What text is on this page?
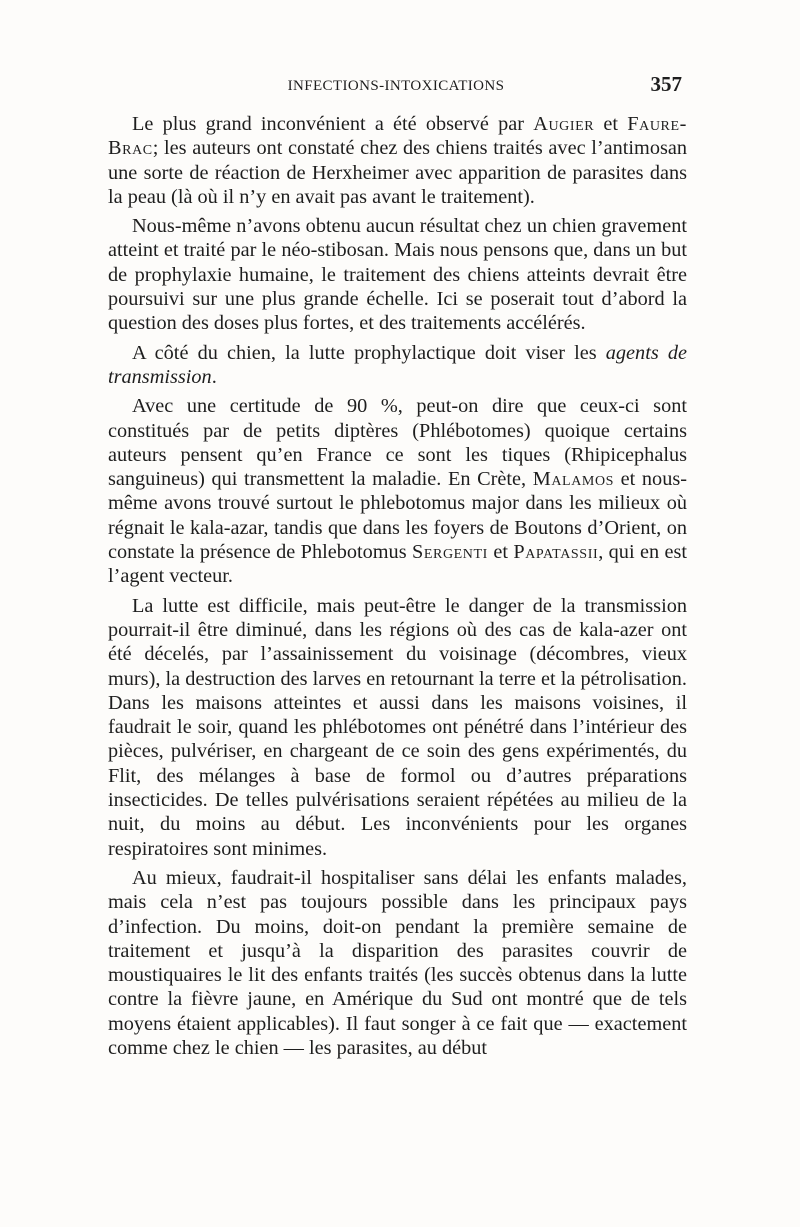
INFECTIONS-INTOXICATIONS	357

Le plus grand inconvénient a été observé par Augier et Faure-Brac; les auteurs ont constaté chez des chiens traités avec l’antimosan une sorte de réaction de Herxheimer avec apparition de parasites dans la peau (là où il n’y en avait pas avant le traitement).

Nous-même n’avons obtenu aucun résultat chez un chien gravement atteint et traité par le néo-stibosan. Mais nous pensons que, dans un but de prophylaxie humaine, le traitement des chiens atteints devrait être poursuivi sur une plus grande échelle. Ici se poserait tout d’abord la question des doses plus fortes, et des traitements accélérés.

A côté du chien, la lutte prophylactique doit viser les agents de transmission.

Avec une certitude de 90 %, peut-on dire que ceux-ci sont constitués par de petits diptères (Phlébotomes) quoique certains auteurs pensent qu’en France ce sont les tiques (Rhipicephalus sanguineus) qui transmettent la maladie. En Crète, Malamos et nous-même avons trouvé surtout le phlebotomus major dans les milieux où régnait le kala-azar, tandis que dans les foyers de Boutons d’Orient, on constate la présence de Phlebotomus Sergenti et Papatassii, qui en est l’agent vecteur.

La lutte est difficile, mais peut-être le danger de la transmission pourrait-il être diminué, dans les régions où des cas de kala-azer ont été décelés, par l’assainissement du voisinage (décombres, vieux murs), la destruction des larves en retournant la terre et la pétrolisation. Dans les maisons atteintes et aussi dans les maisons voisines, il faudrait le soir, quand les phlébotomes ont pénétré dans l’intérieur des pièces, pulvériser, en chargeant de ce soin des gens expérimentés, du Flit, des mélanges à base de formol ou d’autres préparations insecticides. De telles pulvérisations seraient répétées au milieu de la nuit, du moins au début. Les inconvénients pour les organes respiratoires sont minimes.

Au mieux, faudrait-il hospitaliser sans délai les enfants malades, mais cela n’est pas toujours possible dans les principaux pays d’infection. Du moins, doit-on pendant la première semaine de traitement et jusqu’à la disparition des parasites couvrir de moustiquaires le lit des enfants traités (les succès obtenus dans la lutte contre la fièvre jaune, en Amérique du Sud ont montré que de tels moyens étaient applicables). Il faut songer à ce fait que — exactement comme chez le chien — les parasites, au début
